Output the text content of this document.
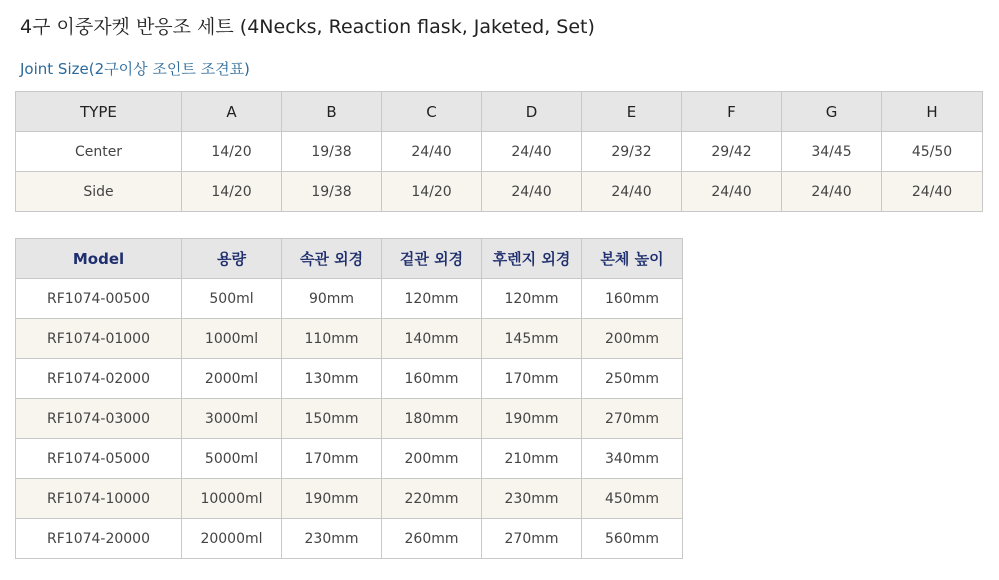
4구 이중자켓 반응조 세트 (4Necks, Reaction flask, Jaketed, Set)
Joint Size(2구이상 조인트 조견표)
TYPE	A	B	C	D	E	F	G	H
Center	14/20	19/38	24/40	24/40	29/32	29/42	34/45	45/50
Side	14/20	19/38	14/20	24/40	24/40	24/40	24/40	24/40
Model	용량	속관 외경	겉관 외경	후렌지 외경	본체 높이
RF1074-00500	500ml	90mm	120mm	120mm	160mm
RF1074-01000	1000ml	110mm	140mm	145mm	200mm
RF1074-02000	2000ml	130mm	160mm	170mm	250mm
RF1074-03000	3000ml	150mm	180mm	190mm	270mm
RF1074-05000	5000ml	170mm	200mm	210mm	340mm
RF1074-10000	10000ml	190mm	220mm	230mm	450mm
RF1074-20000	20000ml	230mm	260mm	270mm	560mm
